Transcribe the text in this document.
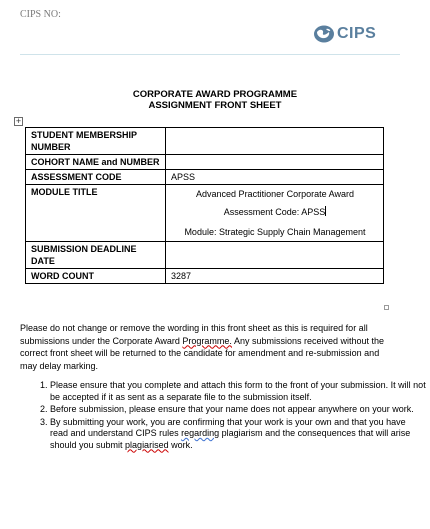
CIPS NO:
CIPS
CORPORATE AWARD PROGRAMME
ASSIGNMENT FRONT SHEET
+
STUDENT MEMBERSHIP NUMBER	
COHORT NAME and NUMBER	
ASSESSMENT CODE	APSS
MODULE TITLE	Advanced Practitioner Corporate Award
Assessment Code: APSS
Module: Strategic Supply Chain Management

SUBMISSION DEADLINE DATE	
WORD COUNT	3287
Please do not change or remove the wording in this front sheet as this is required for all submissions under the Corporate Award Programme. Any submissions received without the correct front sheet will be returned to the candidate for amendment and re-submission and may delay marking.
1. Please ensure that you complete and attach this form to the front of your submission. It will not be accepted if it as sent as a separate file to the submission itself.
2. Before submission, please ensure that your name does not appear anywhere on your work.
3. By submitting your work, you are confirming that your work is your own and that you have read and understand CIPS rules regarding plagiarism and the consequences that will arise should you submit plagiarised work.
